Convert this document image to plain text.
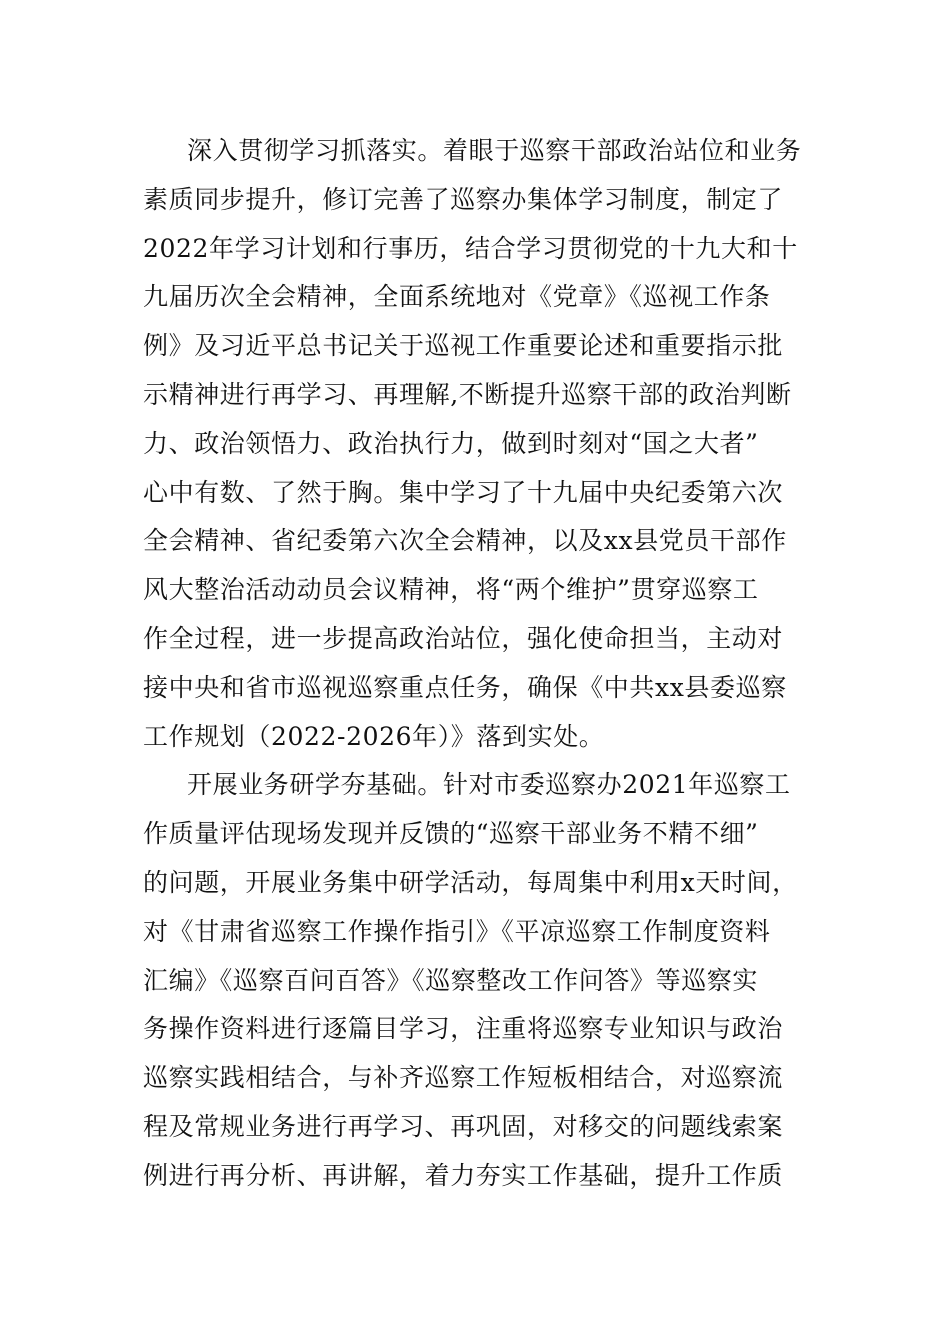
深入贯彻学习抓落实。着眼于巡察干部政治站位和业务
素质同步提升，修订完善了巡察办集体学习制度，制定了
2022年学习计划和行事历，结合学习贯彻党的十九大和十
九届历次全会精神，全面系统地对《党章》《巡视工作条
例》及习近平总书记关于巡视工作重要论述和重要指示批
示精神进行再学习、再理解,不断提升巡察干部的政治判断
力、政治领悟力、政治执行力，做到时刻对“国之大者”
心中有数、了然于胸。集中学习了十九届中央纪委第六次
全会精神、省纪委第六次全会精神，以及xx县党员干部作
风大整治活动动员会议精神，将“两个维护”贯穿巡察工
作全过程，进一步提高政治站位，强化使命担当，主动对
接中央和省市巡视巡察重点任务，确保《中共xx县委巡察
工作规划（2022-2026年）》落到实处。
开展业务研学夯基础。针对市委巡察办2021年巡察工
作质量评估现场发现并反馈的“巡察干部业务不精不细”
的问题，开展业务集中研学活动，每周集中利用x天时间，
对《甘肃省巡察工作操作指引》《平凉巡察工作制度资料
汇编》《巡察百问百答》《巡察整改工作问答》等巡察实
务操作资料进行逐篇目学习，注重将巡察专业知识与政治
巡察实践相结合，与补齐巡察工作短板相结合，对巡察流
程及常规业务进行再学习、再巩固，对移交的问题线索案
例进行再分析、再讲解，着力夯实工作基础，提升工作质
